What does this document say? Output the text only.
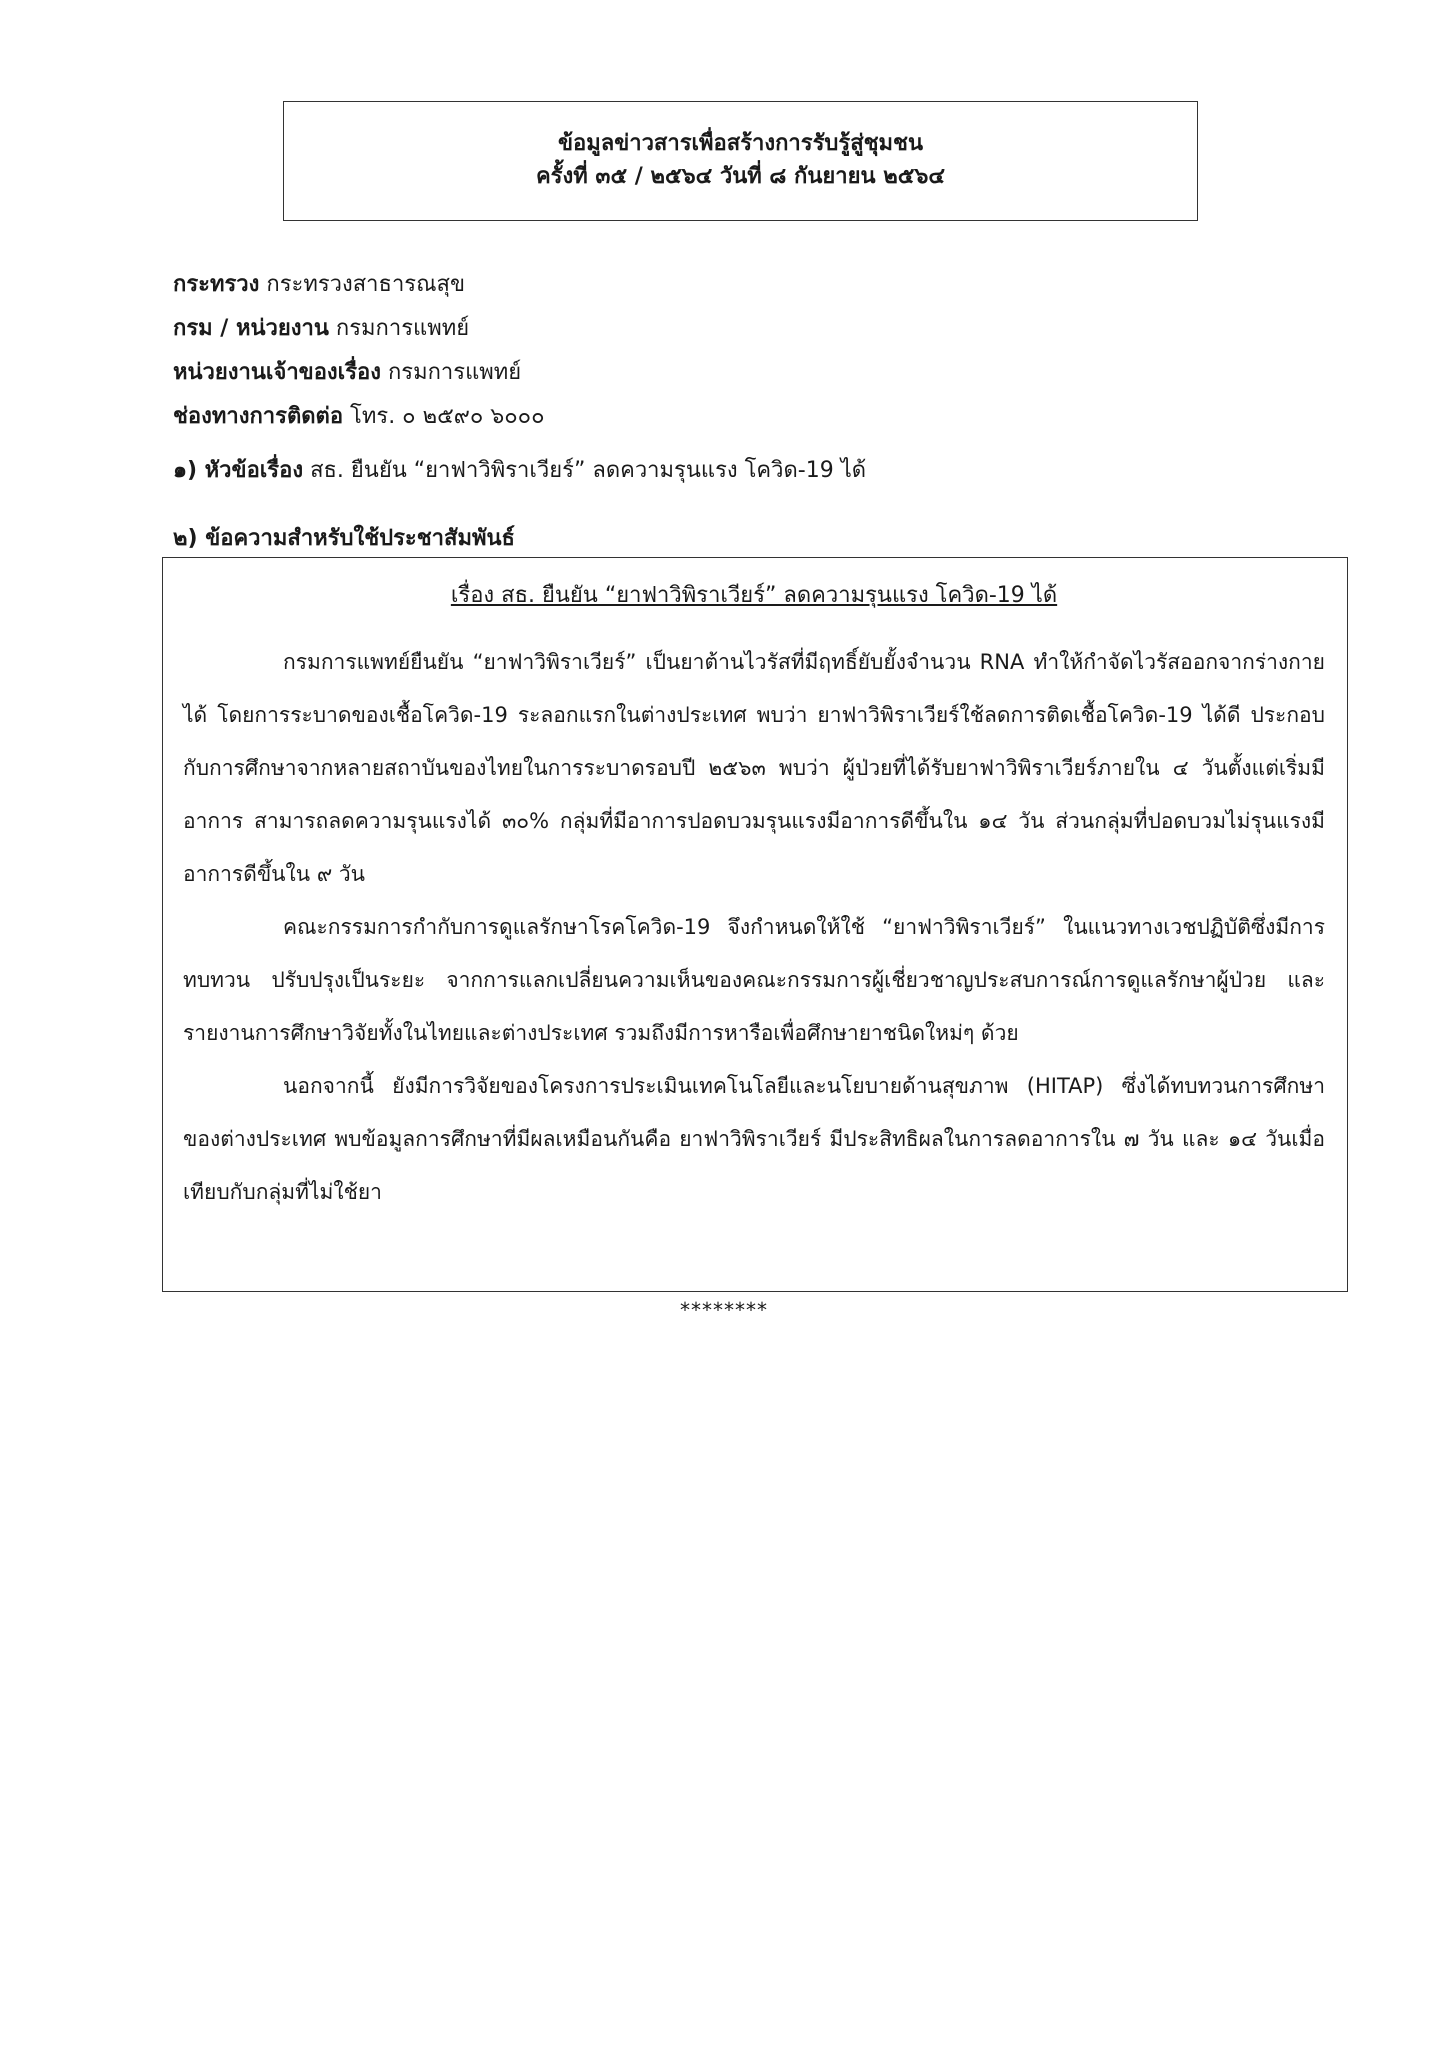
ข้อมูลข่าวสารเพื่อสร้างการรับรู้สู่ชุมชน
ครั้งที่ ๓๕ / ๒๕๖๔ วันที่ ๘ กันยายน ๒๕๖๔
กระทรวง กระทรวงสาธารณสุข
กรม / หน่วยงาน กรมการแพทย์
หน่วยงานเจ้าของเรื่อง กรมการแพทย์
ช่องทางการติดต่อ โทร. ๐ ๒๕๙๐ ๖๐๐๐
๑) หัวข้อเรื่อง สธ. ยืนยัน “ยาฟาวิพิราเวียร์” ลดความรุนแรง โควิด-19 ได้
๒) ข้อความสำหรับใช้ประชาสัมพันธ์
เรื่อง สธ. ยืนยัน “ยาฟาวิพิราเวียร์” ลดความรุนแรง โควิด-19 ได้

กรมการแพทย์ยืนยัน “ยาฟาวิพิราเวียร์” เป็นยาต้านไวรัสที่มีฤทธิ์ยับยั้งจำนวน RNA ทำให้กำจัดไวรัสออกจากร่างกายได้ โดยการระบาดของเชื้อโควิด-19 ระลอกแรกในต่างประเทศ พบว่า ยาฟาวิพิราเวียร์ใช้ลดการติดเชื้อโควิด-19 ได้ดี ประกอบกับการศึกษาจากหลายสถาบันของไทยในการระบาดรอบปี ๒๕๖๓ พบว่า ผู้ป่วยที่ได้รับยาฟาวิพิราเวียร์ภายใน ๔ วันตั้งแต่เริ่มมีอาการ สามารถลดความรุนแรงได้ ๓๐% กลุ่มที่มีอาการปอดบวมรุนแรงมีอาการดีขึ้นใน ๑๔ วัน ส่วนกลุ่มที่ปอดบวมไม่รุนแรงมีอาการดีขึ้นใน ๙ วัน

คณะกรรมการกำกับการดูแลรักษาโรคโควิด-19 จึงกำหนดให้ใช้ “ยาฟาวิพิราเวียร์” ในแนวทางเวชปฏิบัติซึ่งมีการทบทวน ปรับปรุงเป็นระยะ จากการแลกเปลี่ยนความเห็นของคณะกรรมการผู้เชี่ยวชาญประสบการณ์การดูแลรักษาผู้ป่วย และรายงานการศึกษาวิจัยทั้งในไทยและต่างประเทศ รวมถึงมีการหารือเพื่อศึกษายาชนิดใหม่ๆ ด้วย

นอกจากนี้ ยังมีการวิจัยของโครงการประเมินเทคโนโลยีและนโยบายด้านสุขภาพ (HITAP) ซึ่งได้ทบทวนการศึกษาของต่างประเทศ พบข้อมูลการศึกษาที่มีผลเหมือนกันคือ ยาฟาวิพิราเวียร์ มีประสิทธิผลในการลดอาการใน ๗ วัน และ ๑๔ วันเมื่อเทียบกับกลุ่มที่ไม่ใช้ยา

********
